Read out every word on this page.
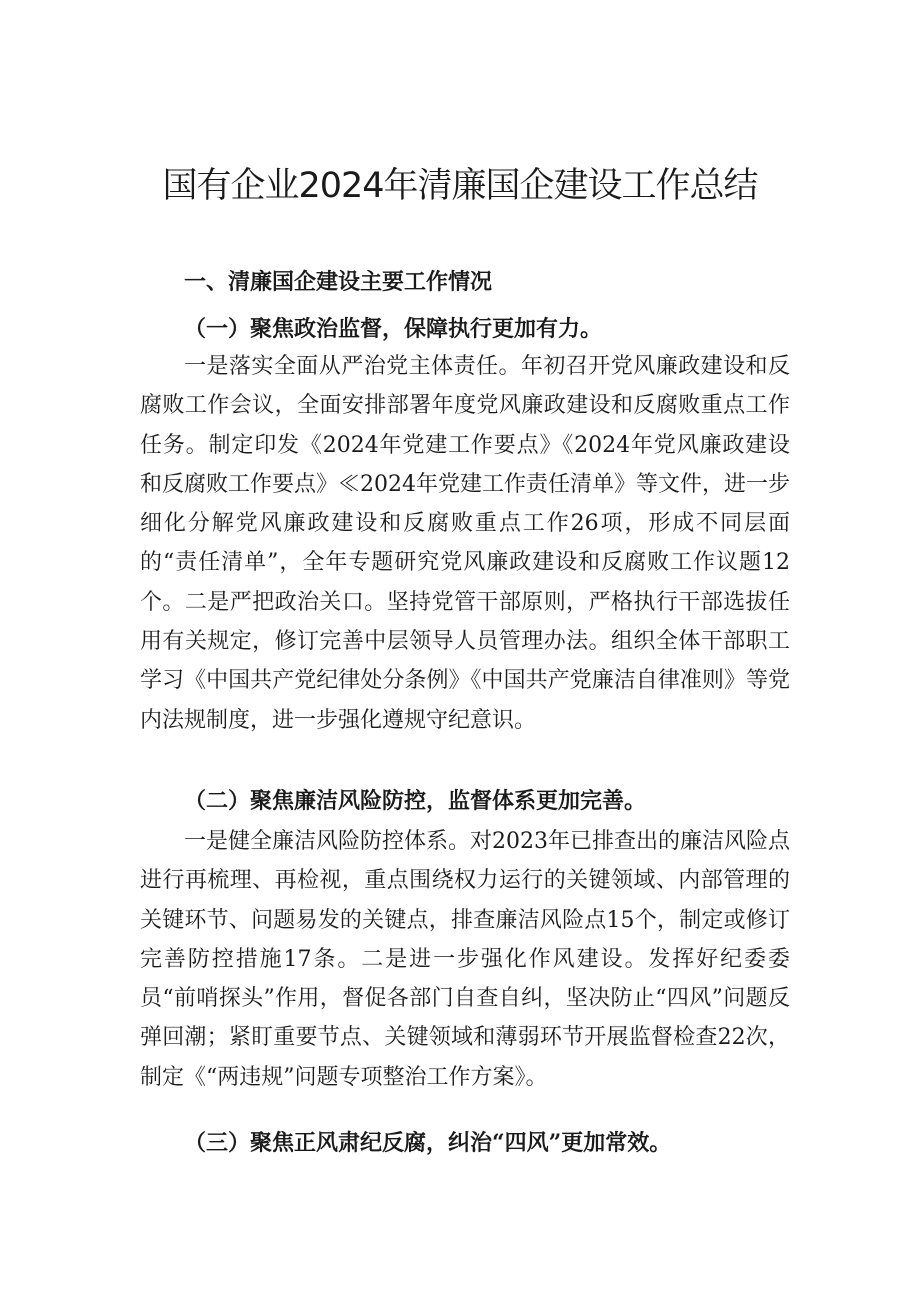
国有企业2024年清廉国企建设工作总结
一、清廉国企建设主要工作情况
（一）聚焦政治监督，保障执行更加有力。

一是落实全面从严治党主体责任。年初召开党风廉政建设和反腐败工作会议，全面安排部署年度党风廉政建设和反腐败重点工作任务。制定印发《2024年党建工作要点》《2024年党风廉政建设和反腐败工作要点》≪2024年党建工作责任清单》等文件，进一步细化分解党风廉政建设和反腐败重点工作26项，形成不同层面的“责任清单”，全年专题研究党风廉政建设和反腐败工作议题12个。二是严把政治关口。坚持党管干部原则，严格执行干部选拔任用有关规定，修订完善中层领导人员管理办法。组织全体干部职工学习《中国共产党纪律处分条例》《中国共产党廉洁自律准则》等党内法规制度，进一步强化遵规守纪意识。

（二）聚焦廉洁风险防控，监督体系更加完善。

一是健全廉洁风险防控体系。对2023年已排查出的廉洁风险点进行再梳理、再检视，重点围绕权力运行的关键领域、内部管理的关键环节、问题易发的关键点，排查廉洁风险点15个，制定或修订完善防控措施17条。二是进一步强化作风建设。发挥好纪委委员“前哨探头”作用，督促各部门自查自纠，坚决防止“四风”问题反弹回潮；紧盯重要节点、关键领域和薄弱环节开展监督检查22次，制定《“两违规”问题专项整治工作方案》。

（三）聚焦正风肃纪反腐，纠治“四风”更加常效。
